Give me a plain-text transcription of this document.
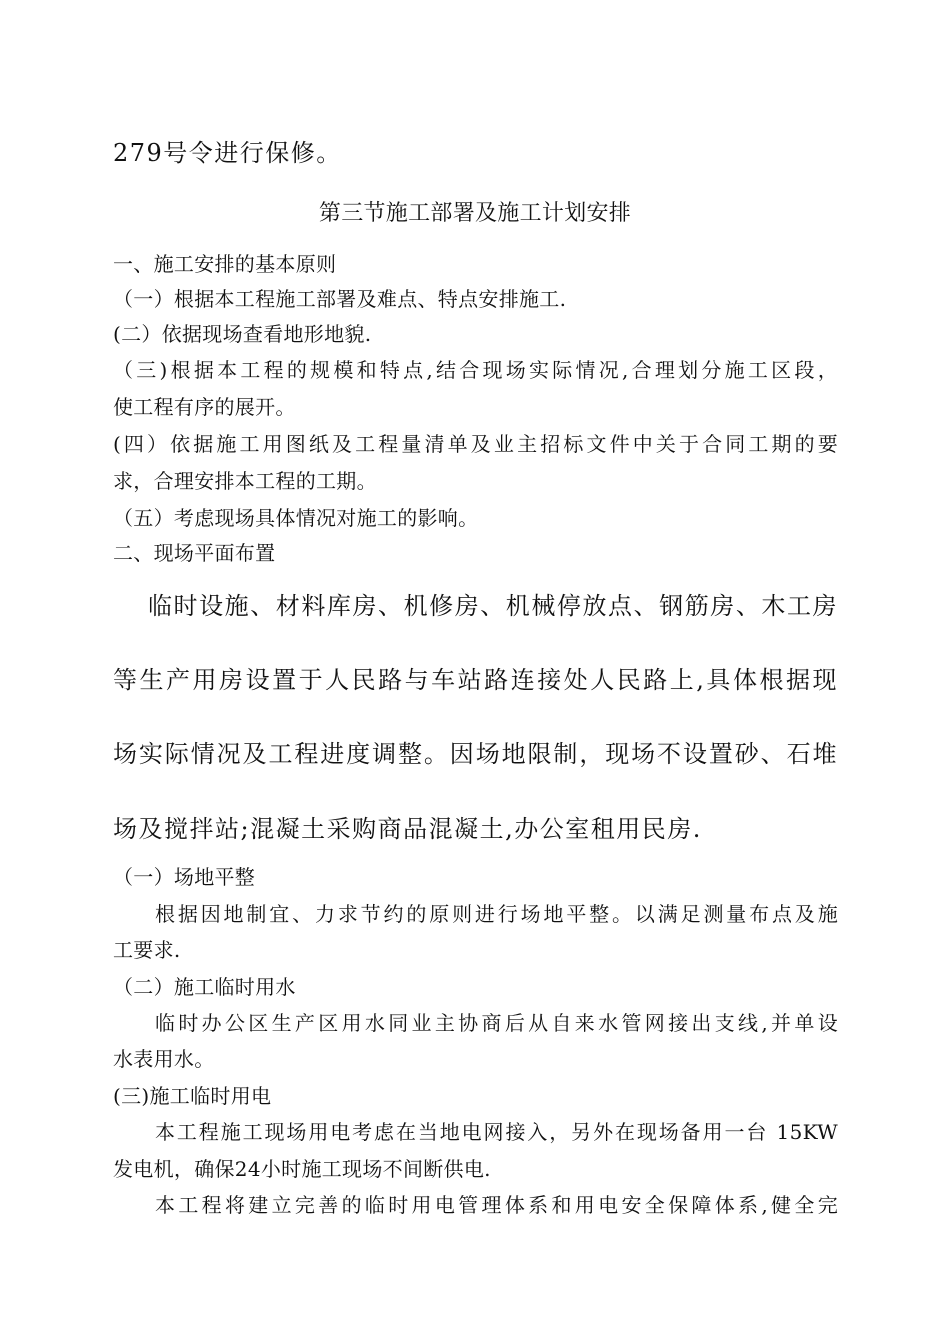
279号令进行保修。
第三节施工部署及施工计划安排
一、施工安排的基本原则
（一）根据本工程施工部署及难点、特点安排施工.
(二）依据现场查看地形地貌.
（三)根据本工程的规模和特点,结合现场实际情况,合理划分施工区段，
使工程有序的展开。
(四）依据施工用图纸及工程量清单及业主招标文件中关于合同工期的要
求，合理安排本工程的工期。
（五）考虑现场具体情况对施工的影响。
二、现场平面布置
临时设施、材料库房、机修房、机械停放点、钢筋房、木工房
等生产用房设置于人民路与车站路连接处人民路上,具体根据现
场实际情况及工程进度调整。因场地限制，现场不设置砂、石堆
场及搅拌站;混凝土采购商品混凝土,办公室租用民房.
（一）场地平整
根据因地制宜、力求节约的原则进行场地平整。以满足测量布点及施
工要求.
（二）施工临时用水
临时办公区生产区用水同业主协商后从自来水管网接出支线,并单设
水表用水。
(三)施工临时用电
本工程施工现场用电考虑在当地电网接入，另外在现场备用一台 15KW
发电机，确保24小时施工现场不间断供电.
本工程将建立完善的临时用电管理体系和用电安全保障体系,健全完
